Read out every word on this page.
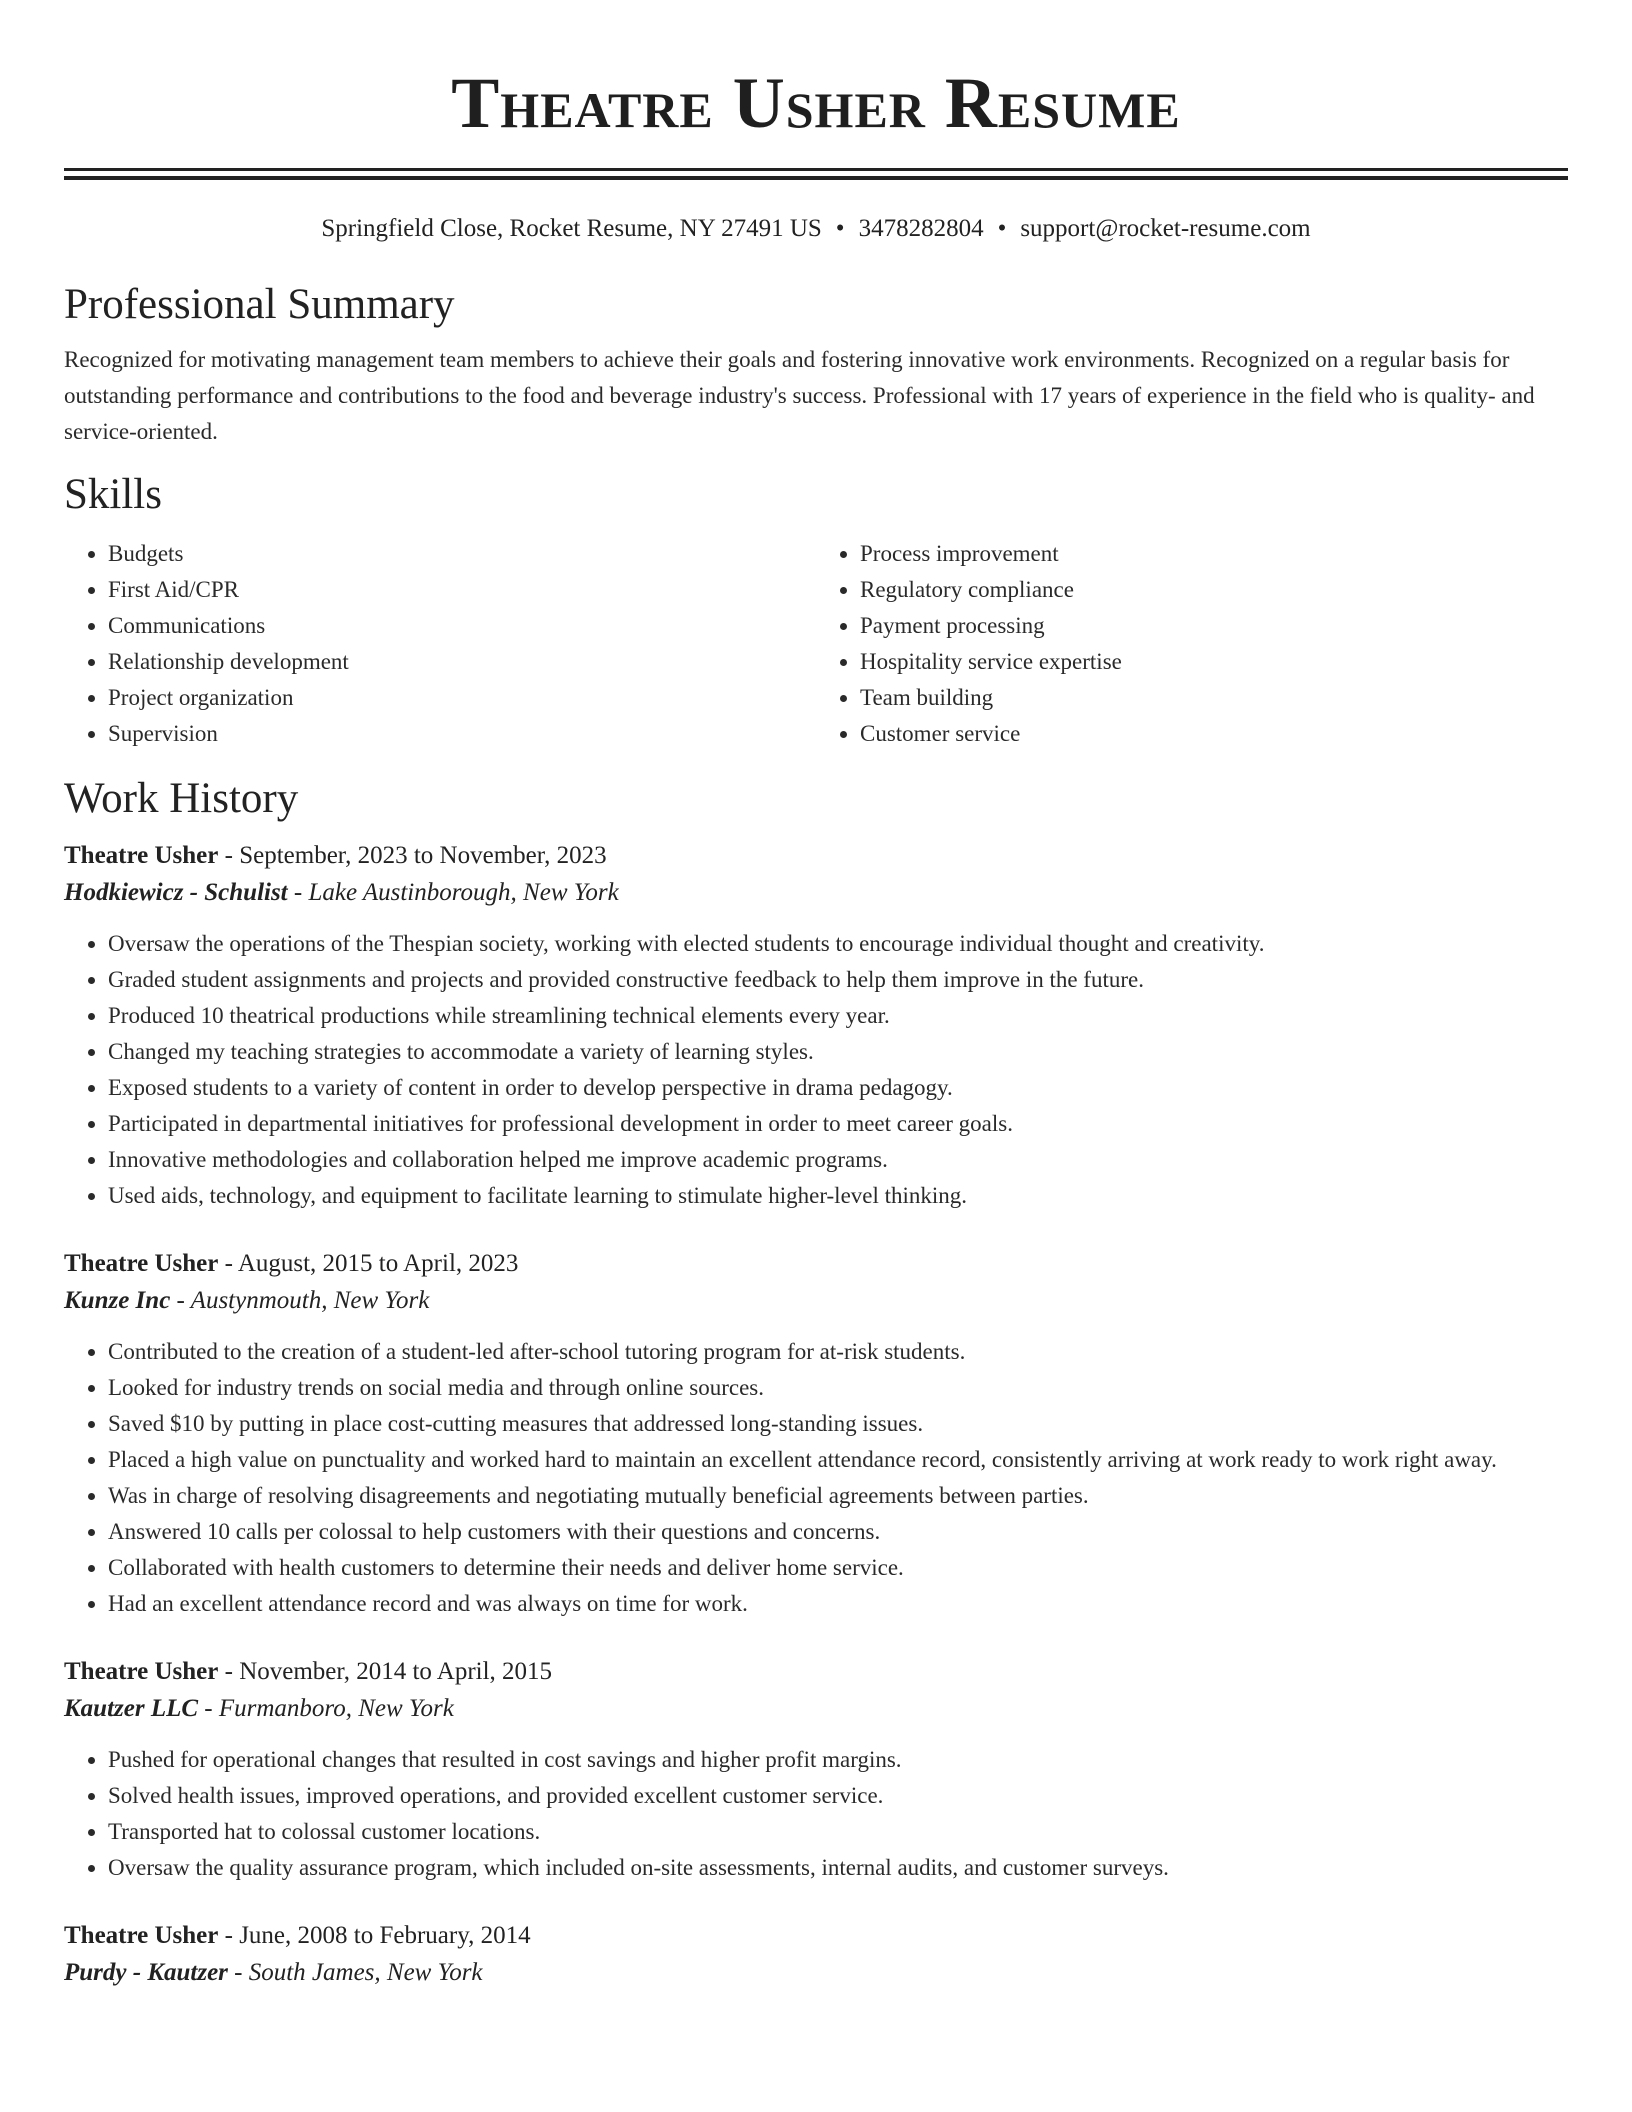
Theatre Usher Resume
Springfield Close, Rocket Resume, NY 27491 US • 3478282804 • support@rocket-resume.com
Professional Summary
Recognized for motivating management team members to achieve their goals and fostering innovative work environments. Recognized on a regular basis for outstanding performance and contributions to the food and beverage industry's success. Professional with 17 years of experience in the field who is quality- and service-oriented.
Skills
• Budgets
• First Aid/CPR
• Communications
• Relationship development
• Project organization
• Supervision
• Process improvement
• Regulatory compliance
• Payment processing
• Hospitality service expertise
• Team building
• Customer service
Work History
Theatre Usher - September, 2023 to November, 2023
Hodkiewicz - Schulist - Lake Austinborough, New York
• Oversaw the operations of the Thespian society, working with elected students to encourage individual thought and creativity.
• Graded student assignments and projects and provided constructive feedback to help them improve in the future.
• Produced 10 theatrical productions while streamlining technical elements every year.
• Changed my teaching strategies to accommodate a variety of learning styles.
• Exposed students to a variety of content in order to develop perspective in drama pedagogy.
• Participated in departmental initiatives for professional development in order to meet career goals.
• Innovative methodologies and collaboration helped me improve academic programs.
• Used aids, technology, and equipment to facilitate learning to stimulate higher-level thinking.
Theatre Usher - August, 2015 to April, 2023
Kunze Inc - Austynmouth, New York
• Contributed to the creation of a student-led after-school tutoring program for at-risk students.
• Looked for industry trends on social media and through online sources.
• Saved $10 by putting in place cost-cutting measures that addressed long-standing issues.
• Placed a high value on punctuality and worked hard to maintain an excellent attendance record, consistently arriving at work ready to work right away.
• Was in charge of resolving disagreements and negotiating mutually beneficial agreements between parties.
• Answered 10 calls per colossal to help customers with their questions and concerns.
• Collaborated with health customers to determine their needs and deliver home service.
• Had an excellent attendance record and was always on time for work.
Theatre Usher - November, 2014 to April, 2015
Kautzer LLC - Furmanboro, New York
• Pushed for operational changes that resulted in cost savings and higher profit margins.
• Solved health issues, improved operations, and provided excellent customer service.
• Transported hat to colossal customer locations.
• Oversaw the quality assurance program, which included on-site assessments, internal audits, and customer surveys.
Theatre Usher - June, 2008 to February, 2014
Purdy - Kautzer - South James, New York
